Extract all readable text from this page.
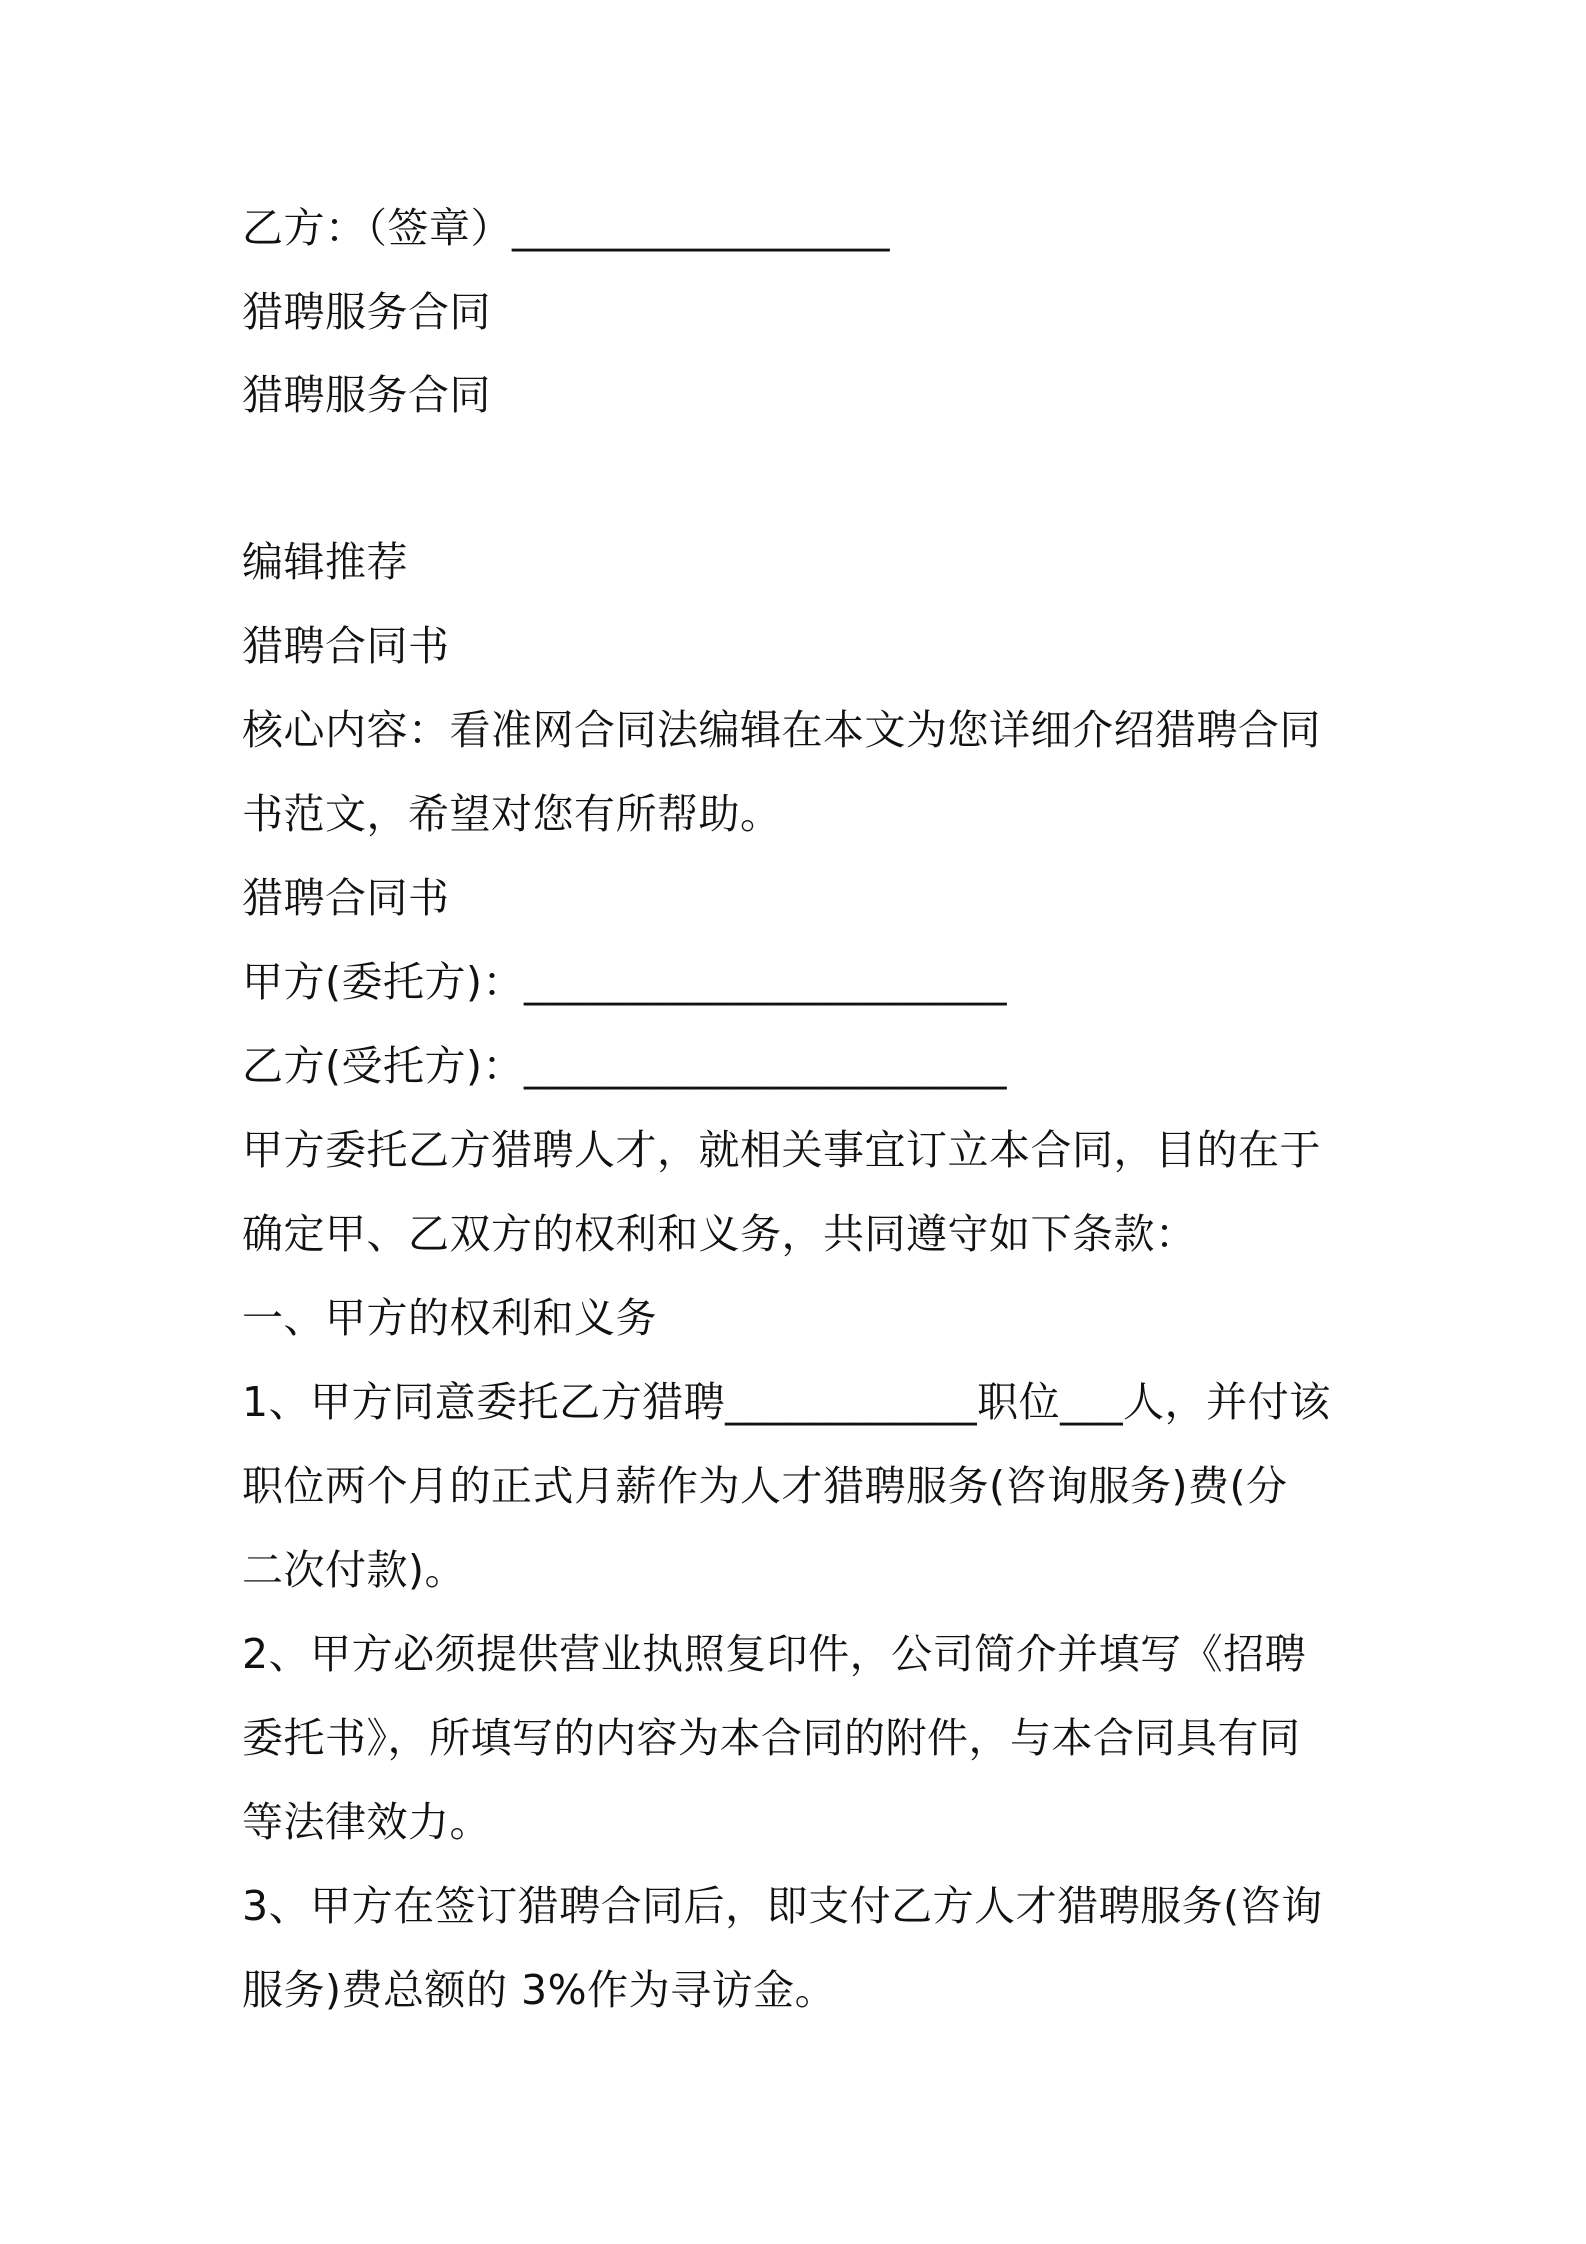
乙方：（签章）__________________
猎聘服务合同
猎聘服务合同
编辑推荐
猎聘合同书
核心内容：看准网合同法编辑在本文为您详细介绍猎聘合同
书范文，希望对您有所帮助。
猎聘合同书
甲方(委托方)：_______________________
乙方(受托方)：_______________________
甲方委托乙方猎聘人才，就相关事宜订立本合同，目的在于
确定甲、乙双方的权利和义务，共同遵守如下条款：
一、甲方的权利和义务
1、甲方同意委托乙方猎聘____________职位___人，并付该
职位两个月的正式月薪作为人才猎聘服务(咨询服务)费(分
二次付款)。
2、甲方必须提供营业执照复印件，公司简介并填写《招聘
委托书》，所填写的内容为本合同的附件，与本合同具有同
等法律效力。
3、甲方在签订猎聘合同后，即支付乙方人才猎聘服务(咨询
服务)费总额的 3%作为寻访金。
